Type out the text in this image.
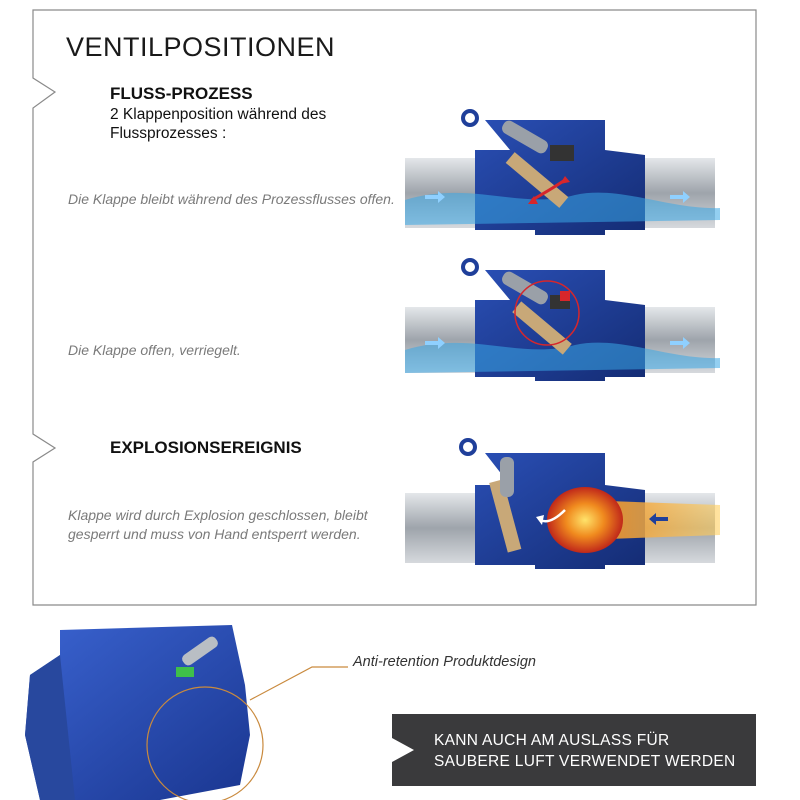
VENTILPOSITIONEN
FLUSS-PROZESS
2 Klappenposition während des Flussprozesses :
Die Klappe bleibt während des Prozessflusses offen.
Die Klappe offen, verriegelt.
EXPLOSIONSEREIGNIS
Klappe wird durch Explosion geschlossen, bleibt
gesperrt und muss von Hand entsperrt werden.
Anti-retention Produktdesign
KANN AUCH AM AUSLASS FÜR
SAUBERE LUFT VERWENDET WERDEN
